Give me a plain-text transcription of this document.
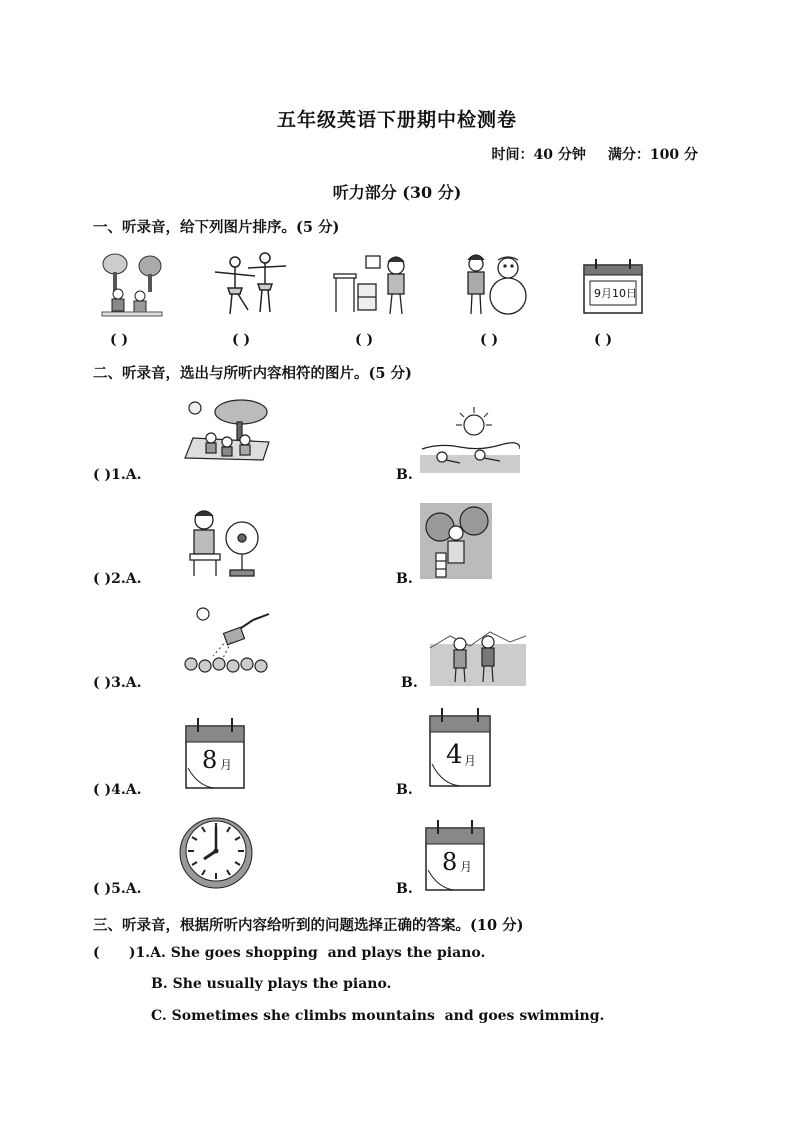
五年级英语下册期中检测卷
时间：40 分钟 满分：100 分
听力部分 (30 分)
一、听录音，给下列图片排序。(5 分)
9月10日
( )	( )	( )	( )	( )
二、听录音，选出与所听内容相符的图片。(5 分)
( )1.A.	B.
( )2.A.	B.
( )3.A.	B.
( )4.A.
8 月
B.
4 月
( )5.A.	B.
8 月
三、听录音，根据所听内容给听到的问题选择正确的答案。(10 分)
(      )1.A. She goes shopping  and plays the piano.
B. She usually plays the piano.
C. Sometimes she climbs mountains  and goes swimming.
